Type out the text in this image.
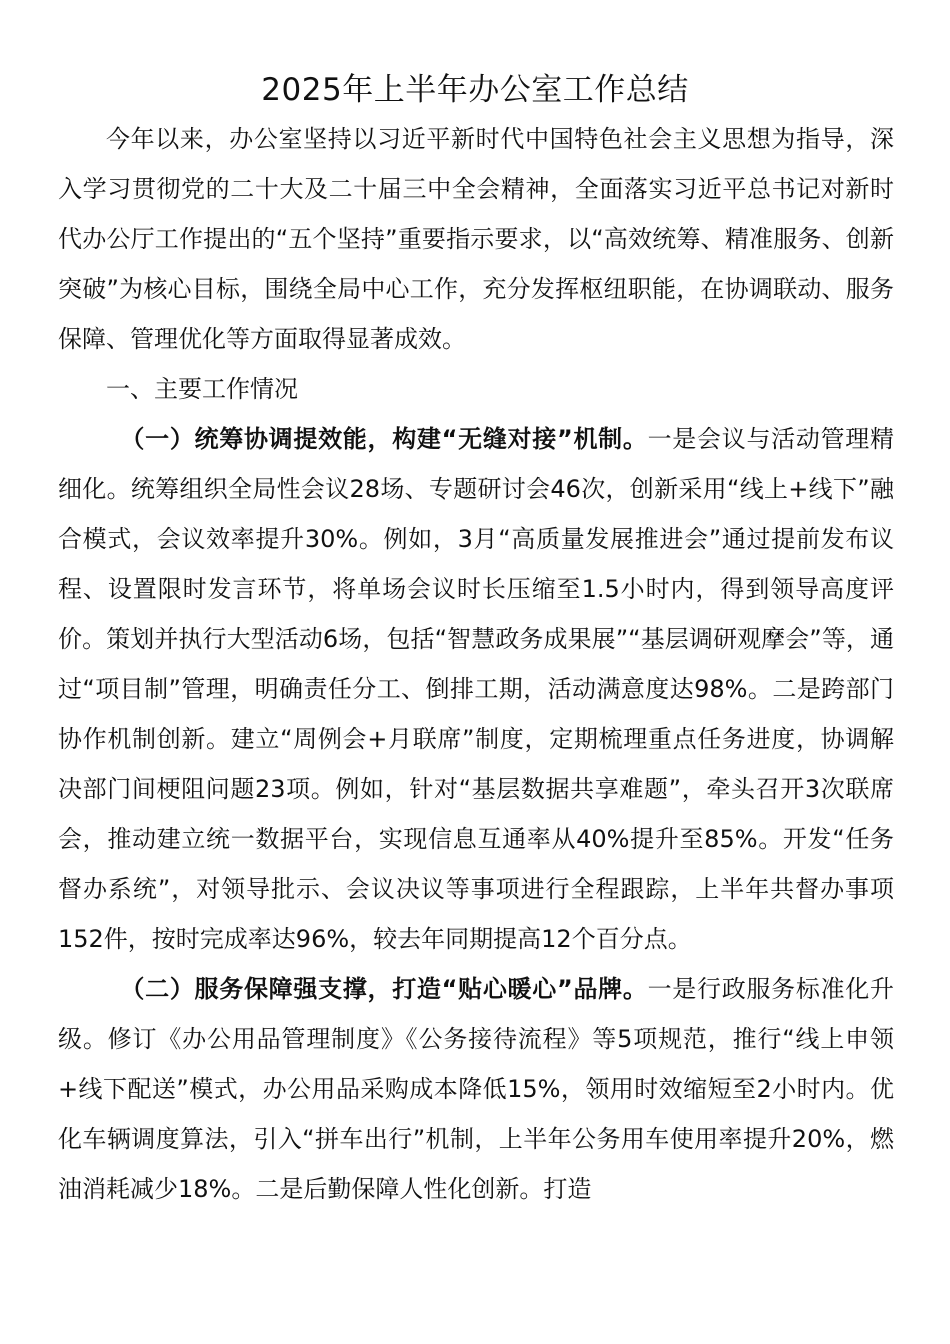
2025年上半年办公室工作总结

今年以来，办公室坚持以习近平新时代中国特色社会主义思想为指导，深入学习贯彻党的二十大及二十届三中全会精神，全面落实习近平总书记对新时代办公厅工作提出的“五个坚持”重要指示要求，以“高效统筹、精准服务、创新突破”为核心目标，围绕全局中心工作，充分发挥枢纽职能，在协调联动、服务保障、管理优化等方面取得显著成效。

一、主要工作情况

（一）统筹协调提效能，构建“无缝对接”机制。一是会议与活动管理精细化。统筹组织全局性会议28场、专题研讨会46次，创新采用“线上+线下”融合模式，会议效率提升30%。例如，3月“高质量发展推进会”通过提前发布议程、设置限时发言环节，将单场会议时长压缩至1.5小时内，得到领导高度评价。策划并执行大型活动6场，包括“智慧政务成果展”“基层调研观摩会”等，通过“项目制”管理，明确责任分工、倒排工期，活动满意度达98%。二是跨部门协作机制创新。建立“周例会+月联席”制度，定期梳理重点任务进度，协调解决部门间梗阻问题23项。例如，针对“基层数据共享难题”，牵头召开3次联席会，推动建立统一数据平台，实现信息互通率从40%提升至85%。开发“任务督办系统”，对领导批示、会议决议等事项进行全程跟踪，上半年共督办事项152件，按时完成率达96%，较去年同期提高12个百分点。

（二）服务保障强支撑，打造“贴心暖心”品牌。一是行政服务标准化升级。修订《办公用品管理制度》《公务接待流程》等5项规范，推行“线上申领+线下配送”模式，办公用品采购成本降低15%，领用时效缩短至2小时内。优化车辆调度算法，引入“拼车出行”机制，上半年公务用车使用率提升20%，燃油消耗减少18%。二是后勤保障人性化创新。打造
